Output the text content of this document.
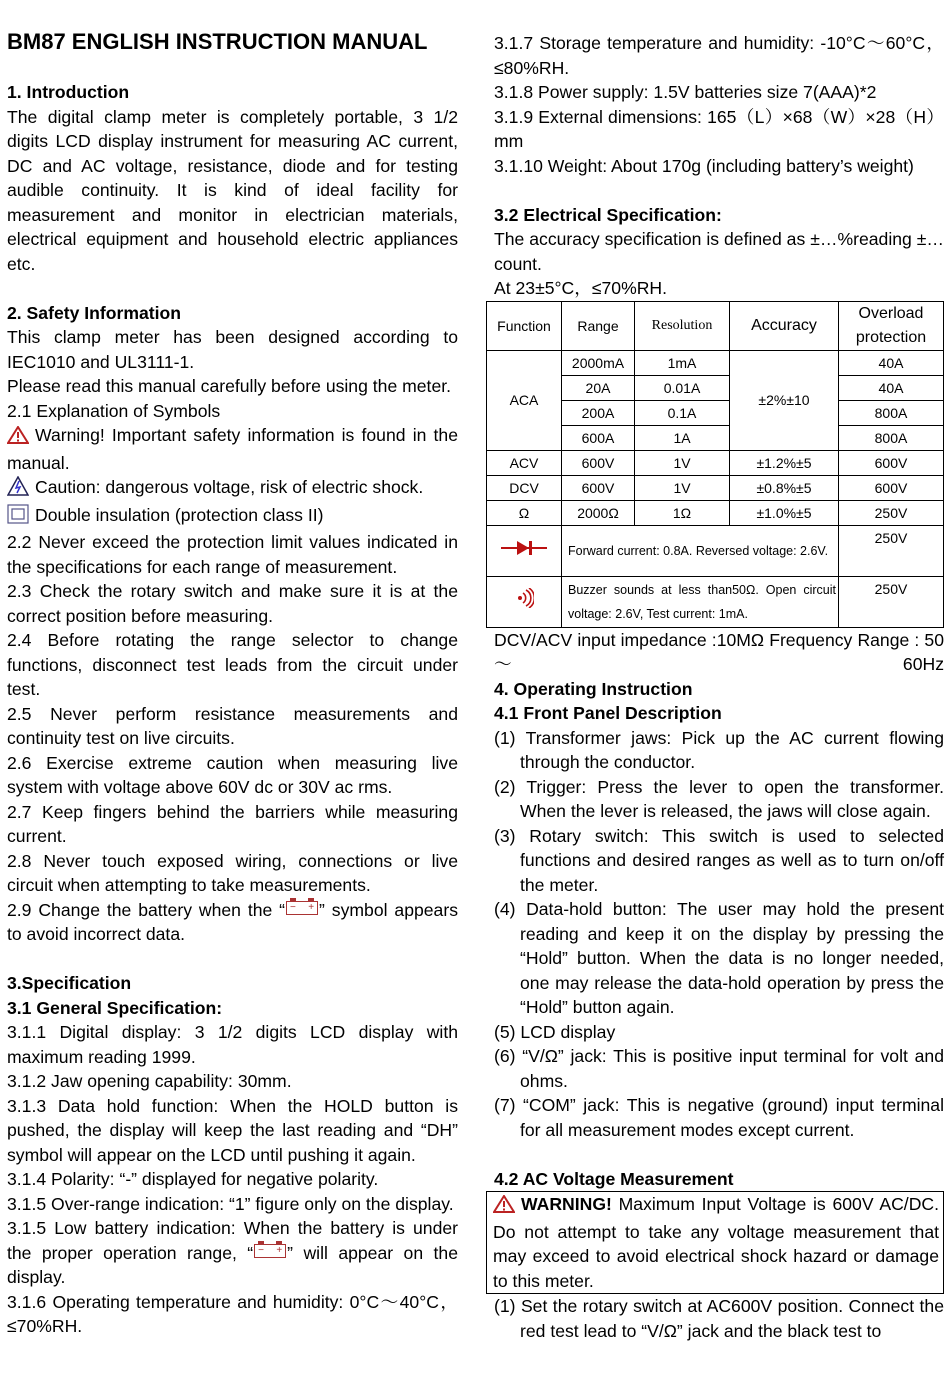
BM87 ENGLISH INSTRUCTION MANUAL

1. Introduction

The digital clamp meter is completely portable, 3 1/2 digits LCD display instrument for measuring AC current, DC and AC voltage, resistance, diode and for testing audible continuity. It is kind of ideal facility for measurement and monitor in electrician materials, electrical equipment and household electric appliances etc.

2. Safety Information

This clamp meter has been designed according to IEC1010 and UL3111-1.

Please read this manual carefully before using the meter.

2.1 Explanation of Symbols

Warning! Important safety information is found in the manual.

Caution: dangerous voltage, risk of electric shock.

Double insulation (protection class II)

2.2 Never exceed the protection limit values indicated in the specifications for each range of measurement.

2.3 Check the rotary switch and make sure it is at the correct position before measuring.

2.4 Before rotating the range selector to change functions, disconnect test leads from the circuit under test.

2.5 Never perform resistance measurements and continuity test on live circuits.

2.6 Exercise extreme caution when measuring live system with voltage above 60V dc or 30V ac rms.

2.7 Keep fingers behind the barriers while measuring current.

2.8 Never touch exposed wiring, connections or live circuit when attempting to take measurements.

2.9 Change the battery when the “ − + ” symbol appears to avoid incorrect data.

3.Specification

3.1 General Specification:

3.1.1 Digital display: 3 1/2 digits LCD display with maximum reading 1999.

3.1.2 Jaw opening capability: 30mm.

3.1.3 Data hold function: When the HOLD button is pushed, the display will keep the last reading and “DH” symbol will appear on the LCD until pushing it again.

3.1.4 Polarity: “-” displayed for negative polarity.

3.1.5 Over-range indication: “1” figure only on the display.

3.1.5 Low battery indication: When the battery is under the proper operation range, “ − + ” will appear on the display.

3.1.6 Operating temperature and humidity: 0°C～40°C，≤70%RH.

3.1.7 Storage temperature and humidity: -10°C～60°C，≤80%RH.

3.1.8 Power supply: 1.5V batteries size 7(AAA)*2

3.1.9 External dimensions: 165（L）×68（W）×28（H）mm

3.1.10 Weight: About 170g (including battery’s weight)

3.2 Electrical Specification:

The accuracy specification is defined as ±…%reading ±…count.

At 23±5°C，≤70%RH.

Function	Range	Resolution	Accuracy	Overload protection
ACA	2000mA	1mA	±2%±10	40A
	20A	0.01A		40A
	200A	0.1A		800A
	600A	1A		800A
ACV	600V	1V	±1.2%±5	600V
DCV	600V	1V	±0.8%±5	600V
Ω	2000Ω	1Ω	±1.0%±5	250V
	Forward current: 0.8A. Reversed voltage: 2.6V.			250V
	Buzzer sounds at less than50Ω. Open circuit voltage: 2.6V, Test current: 1mA.			250V

DCV/ACV input impedance :10MΩ Frequency Range : 50～60Hz

4. Operating Instruction

4.1 Front Panel Description

(1) Transformer jaws: Pick up the AC current flowing through the conductor.
(2) Trigger: Press the lever to open the transformer. When the lever is released, the jaws will close again.
(3) Rotary switch: This switch is used to selected functions and desired ranges as well as to turn on/off the meter.
(4) Data-hold button: The user may hold the present reading and keep it on the display by pressing the “Hold” button. When the data is no longer needed, one may release the data-hold operation by press the “Hold” button again.
(5) LCD display
(6) “V/Ω” jack: This is positive input terminal for volt and ohms.
(7) “COM” jack: This is negative (ground) input terminal for all measurement modes except current.

4.2 AC Voltage Measurement

WARNING! Maximum Input Voltage is 600V AC/DC. Do not attempt to take any voltage measurement that may exceed to avoid electrical shock hazard or damage to this meter.

(1) Set the rotary switch at AC600V position. Connect the red test lead to “V/Ω” jack and the black test to
